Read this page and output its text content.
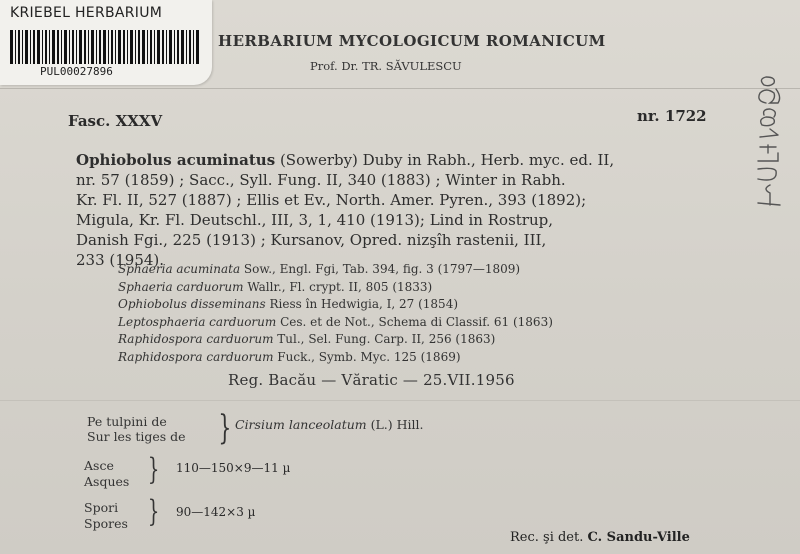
KRIEBEL HERBARIUM
PUL00027896
HERBARIUM MYCOLOGICUM ROMANICUM
Prof. Dr. TR. SĂVULESCU
Fasc. XXXV	nr. 1722
Ophiobolus acuminatus (Sowerby) Duby in Rabh., Herb. myc. ed. II,
nr. 57 (1859) ; Sacc., Syll. Fung. II, 340 (1883) ; Winter in Rabh.
Kr. Fl. II, 527 (1887) ; Ellis et Ev., North. Amer. Pyren., 393 (1892);
Migula, Kr. Fl. Deutschl., III, 3, 1, 410 (1913); Lind in Rostrup,
Danish Fgi., 225 (1913) ; Kursanov, Opred. nizşîh rastenii, III,
233 (1954).
Sphaeria acuminata Sow., Engl. Fgi, Tab. 394, fig. 3 (1797—1809)
Sphaeria carduorum Wallr., Fl. crypt. II, 805 (1833)
Ophiobolus disseminans Riess în Hedwigia, I, 27 (1854)
Leptosphaeria carduorum Ces. et de Not., Schema di Classif. 61 (1863)
Raphidospora carduorum Tul., Sel. Fung. Carp. II, 256 (1863)
Raphidospora carduorum Fuck., Symb. Myc. 125 (1869)
Reg. Bacău — Văratic — 25.VII.1956
Pe tulpini de
Sur les tiges de } Cirsium lanceolatum (L.) Hill.
Asce
Asques } 110—150×9—11 µ
Spori
Spores } 90—142×3 µ
Rec. şi det. C. Sandu-Ville
